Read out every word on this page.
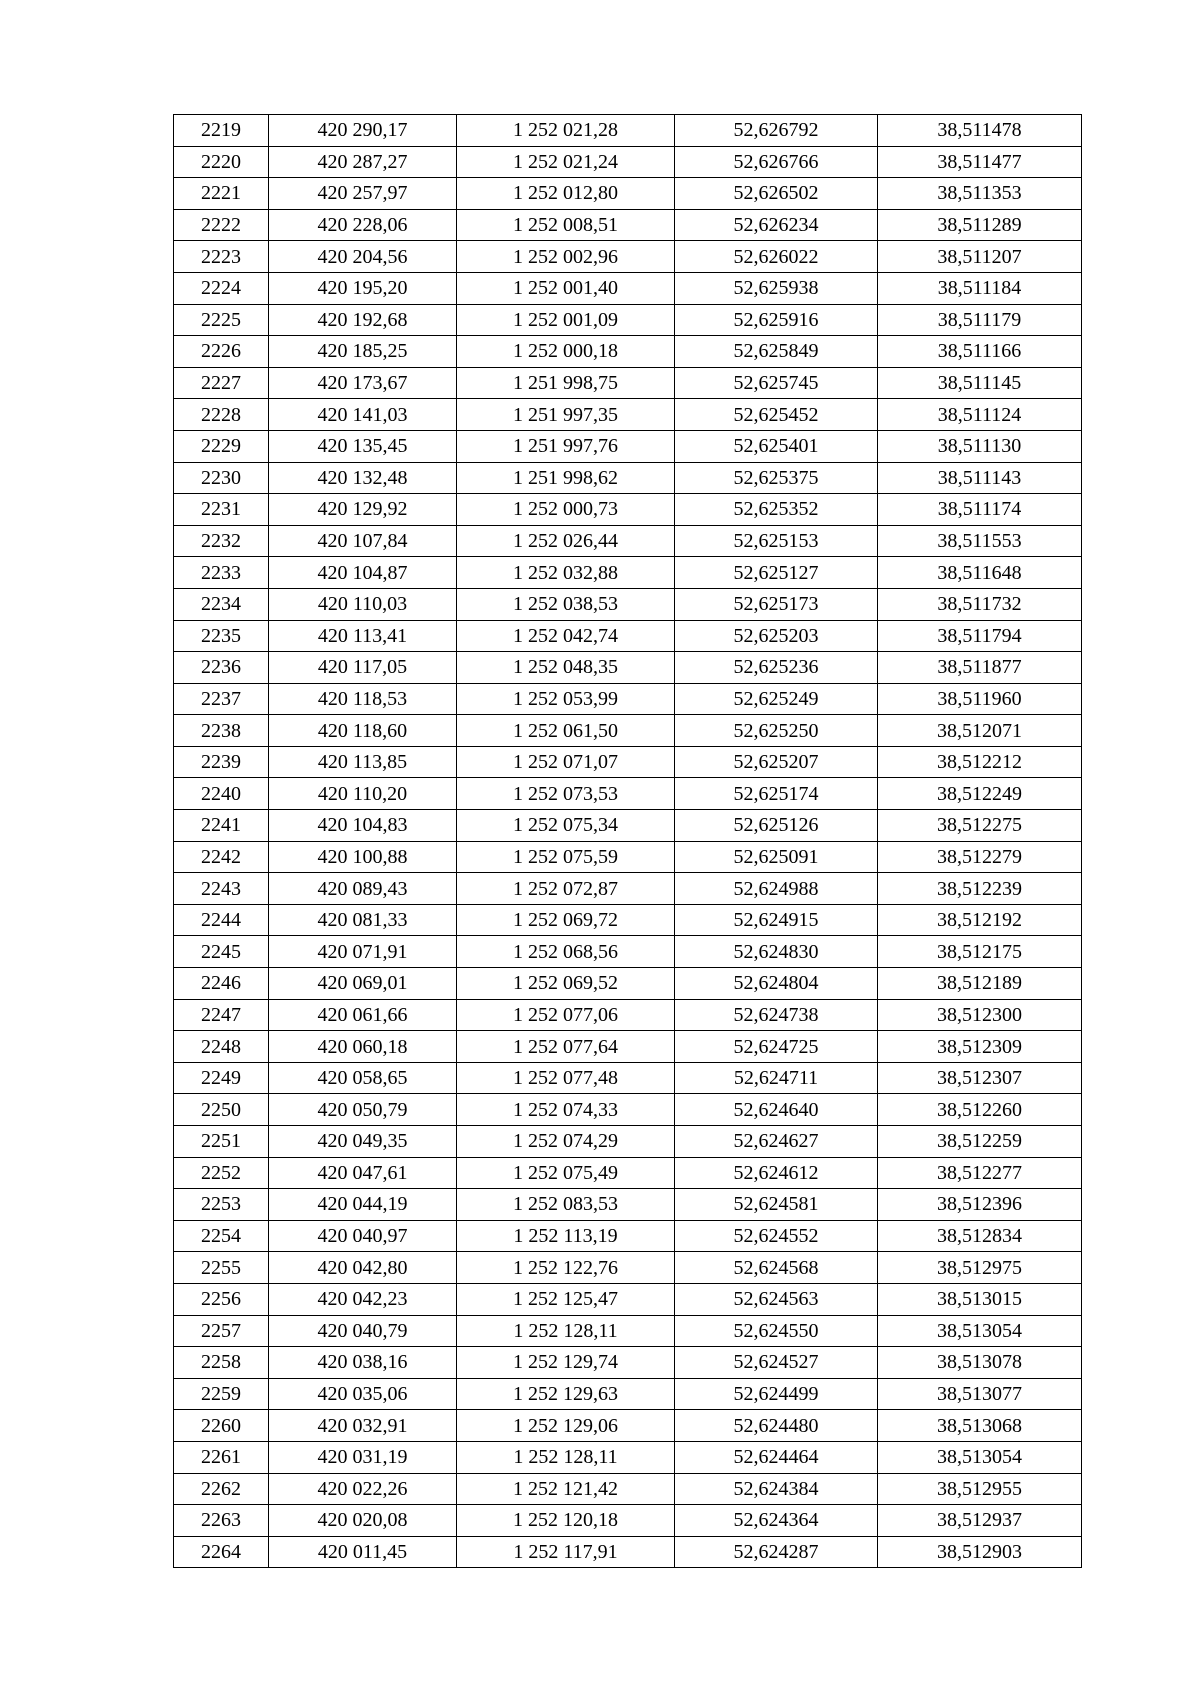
2219	420 290,17	1 252 021,28	52,626792	38,511478
2220	420 287,27	1 252 021,24	52,626766	38,511477
2221	420 257,97	1 252 012,80	52,626502	38,511353
2222	420 228,06	1 252 008,51	52,626234	38,511289
2223	420 204,56	1 252 002,96	52,626022	38,511207
2224	420 195,20	1 252 001,40	52,625938	38,511184
2225	420 192,68	1 252 001,09	52,625916	38,511179
2226	420 185,25	1 252 000,18	52,625849	38,511166
2227	420 173,67	1 251 998,75	52,625745	38,511145
2228	420 141,03	1 251 997,35	52,625452	38,511124
2229	420 135,45	1 251 997,76	52,625401	38,511130
2230	420 132,48	1 251 998,62	52,625375	38,511143
2231	420 129,92	1 252 000,73	52,625352	38,511174
2232	420 107,84	1 252 026,44	52,625153	38,511553
2233	420 104,87	1 252 032,88	52,625127	38,511648
2234	420 110,03	1 252 038,53	52,625173	38,511732
2235	420 113,41	1 252 042,74	52,625203	38,511794
2236	420 117,05	1 252 048,35	52,625236	38,511877
2237	420 118,53	1 252 053,99	52,625249	38,511960
2238	420 118,60	1 252 061,50	52,625250	38,512071
2239	420 113,85	1 252 071,07	52,625207	38,512212
2240	420 110,20	1 252 073,53	52,625174	38,512249
2241	420 104,83	1 252 075,34	52,625126	38,512275
2242	420 100,88	1 252 075,59	52,625091	38,512279
2243	420 089,43	1 252 072,87	52,624988	38,512239
2244	420 081,33	1 252 069,72	52,624915	38,512192
2245	420 071,91	1 252 068,56	52,624830	38,512175
2246	420 069,01	1 252 069,52	52,624804	38,512189
2247	420 061,66	1 252 077,06	52,624738	38,512300
2248	420 060,18	1 252 077,64	52,624725	38,512309
2249	420 058,65	1 252 077,48	52,624711	38,512307
2250	420 050,79	1 252 074,33	52,624640	38,512260
2251	420 049,35	1 252 074,29	52,624627	38,512259
2252	420 047,61	1 252 075,49	52,624612	38,512277
2253	420 044,19	1 252 083,53	52,624581	38,512396
2254	420 040,97	1 252 113,19	52,624552	38,512834
2255	420 042,80	1 252 122,76	52,624568	38,512975
2256	420 042,23	1 252 125,47	52,624563	38,513015
2257	420 040,79	1 252 128,11	52,624550	38,513054
2258	420 038,16	1 252 129,74	52,624527	38,513078
2259	420 035,06	1 252 129,63	52,624499	38,513077
2260	420 032,91	1 252 129,06	52,624480	38,513068
2261	420 031,19	1 252 128,11	52,624464	38,513054
2262	420 022,26	1 252 121,42	52,624384	38,512955
2263	420 020,08	1 252 120,18	52,624364	38,512937
2264	420 011,45	1 252 117,91	52,624287	38,512903
